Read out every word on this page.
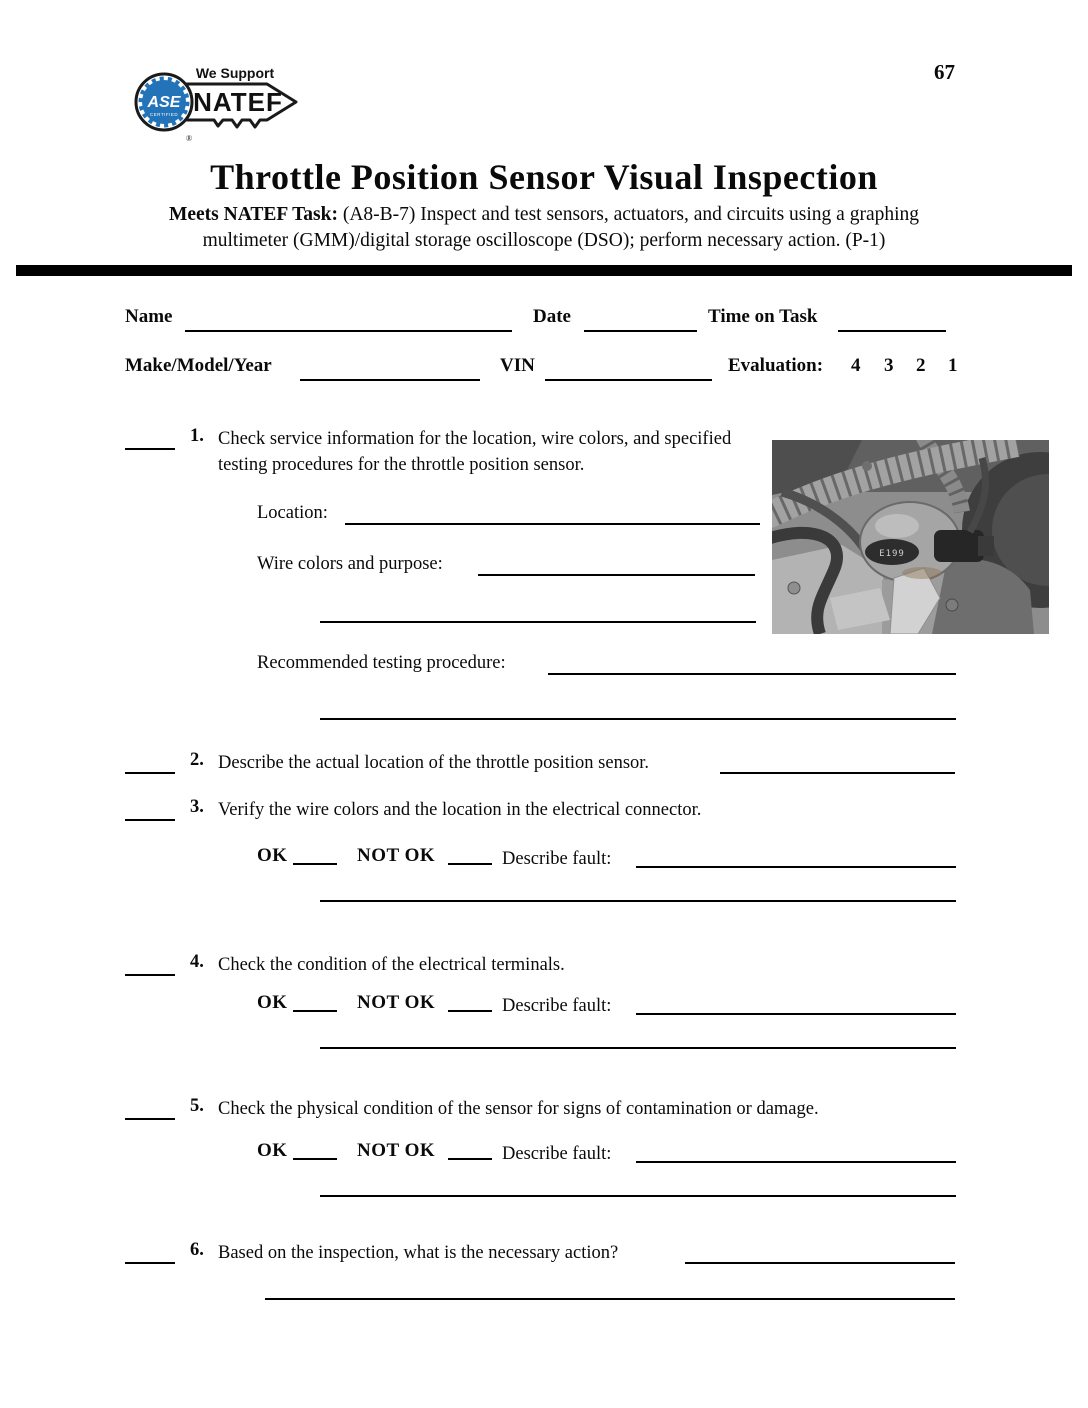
67
ASE
CERTIFIED
We Support
NATEF
®
Throttle Position Sensor Visual Inspection
Meets NATEF Task: (A8-B-7) Inspect and test sensors, actuators, and circuits using a graphing
multimeter (GMM)/digital storage oscilloscope (DSO); perform necessary action. (P-1)
Name	Date	Time on Task
Make/Model/Year	VIN	Evaluation: 4 3 2 1
1. Check service information for the location, wire colors, and specified testing procedures for the throttle position sensor.
E199
Location:
Wire colors and purpose:
Recommended testing procedure:
2. Describe the actual location of the throttle position sensor.
3. Verify the wire colors and the location in the electrical connector.
OK	NOT OK	Describe fault:
4. Check the condition of the electrical terminals.
OK	NOT OK	Describe fault:
5. Check the physical condition of the sensor for signs of contamination or damage.
OK	NOT OK	Describe fault:
6. Based on the inspection, what is the necessary action?
